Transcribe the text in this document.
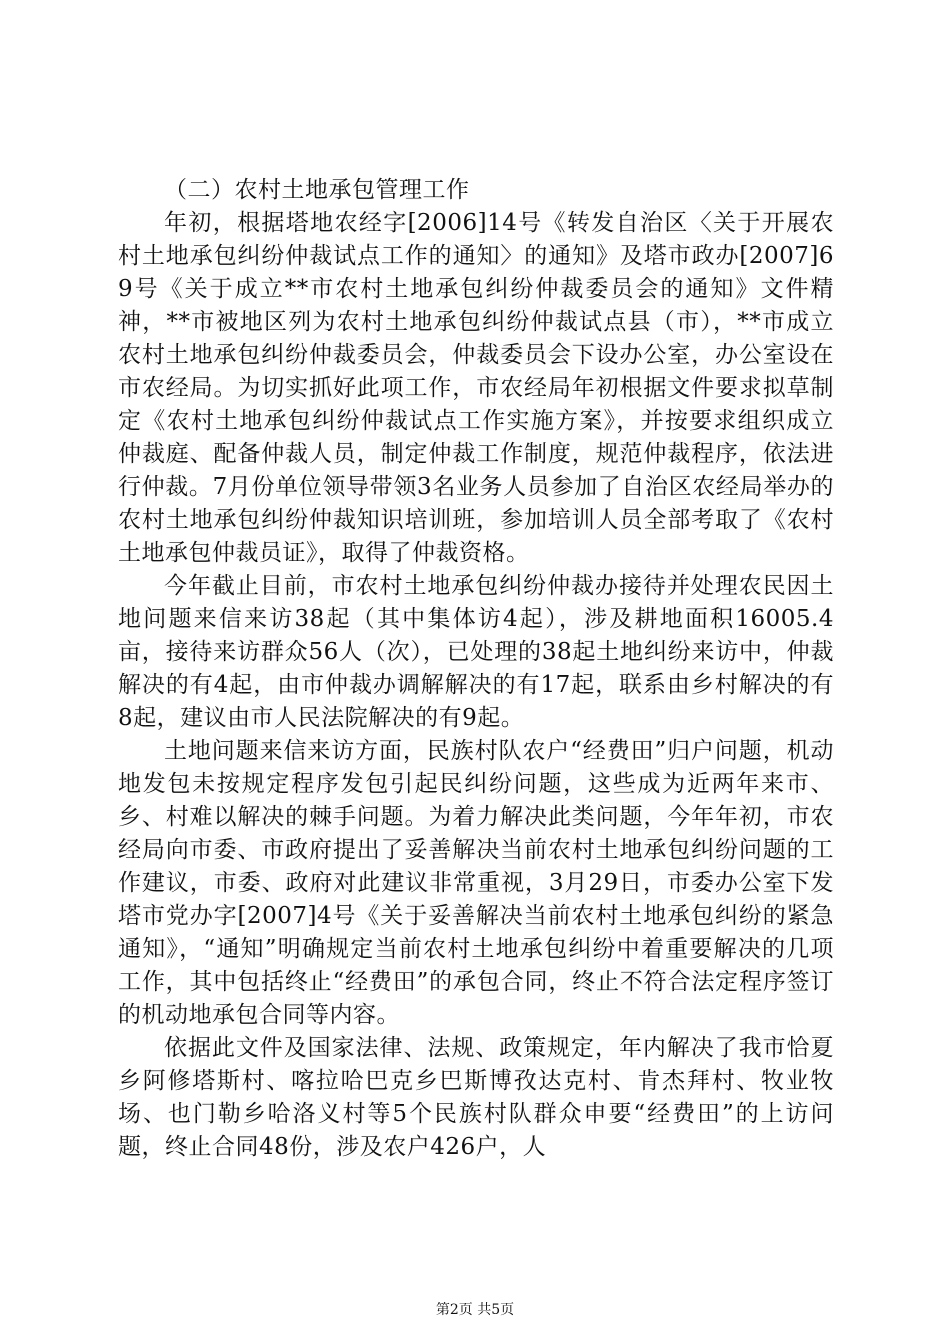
（二）农村土地承包管理工作

年初，根据塔地农经字[2006]14号《转发自治区〈关于开展农村土地承包纠纷仲裁试点工作的通知〉的通知》及塔市政办[2007]69号《关于成立**市农村土地承包纠纷仲裁委员会的通知》文件精神，**市被地区列为农村土地承包纠纷仲裁试点县（市），**市成立农村土地承包纠纷仲裁委员会，仲裁委员会下设办公室，办公室设在市农经局。为切实抓好此项工作，市农经局年初根据文件要求拟草制定《农村土地承包纠纷仲裁试点工作实施方案》，并按要求组织成立仲裁庭、配备仲裁人员，制定仲裁工作制度，规范仲裁程序，依法进行仲裁。7月份单位领导带领3名业务人员参加了自治区农经局举办的农村土地承包纠纷仲裁知识培训班，参加培训人员全部考取了《农村土地承包仲裁员证》，取得了仲裁资格。

今年截止目前，市农村土地承包纠纷仲裁办接待并处理农民因土地问题来信来访38起（其中集体访4起），涉及耕地面积16005.4亩，接待来访群众56人（次），已处理的38起土地纠纷来访中，仲裁解决的有4起，由市仲裁办调解解决的有17起，联系由乡村解决的有8起，建议由市人民法院解决的有9起。

土地问题来信来访方面，民族村队农户“经费田”归户问题，机动地发包未按规定程序发包引起民纠纷问题，这些成为近两年来市、乡、村难以解决的棘手问题。为着力解决此类问题，今年年初，市农经局向市委、市政府提出了妥善解决当前农村土地承包纠纷问题的工作建议，市委、政府对此建议非常重视，3月29日，市委办公室下发塔市党办字[2007]4号《关于妥善解决当前农村土地承包纠纷的紧急通知》，“通知”明确规定当前农村土地承包纠纷中着重要解决的几项工作，其中包括终止“经费田”的承包合同，终止不符合法定程序签订的机动地承包合同等内容。

依据此文件及国家法律、法规、政策规定，年内解决了我市恰夏乡阿修塔斯村、喀拉哈巴克乡巴斯博孜达克村、肯杰拜村、牧业牧场、也门勒乡哈洛义村等5个民族村队群众申要“经费田”的上访问题，终止合同48份，涉及农户426户，人

第2页 共5页
